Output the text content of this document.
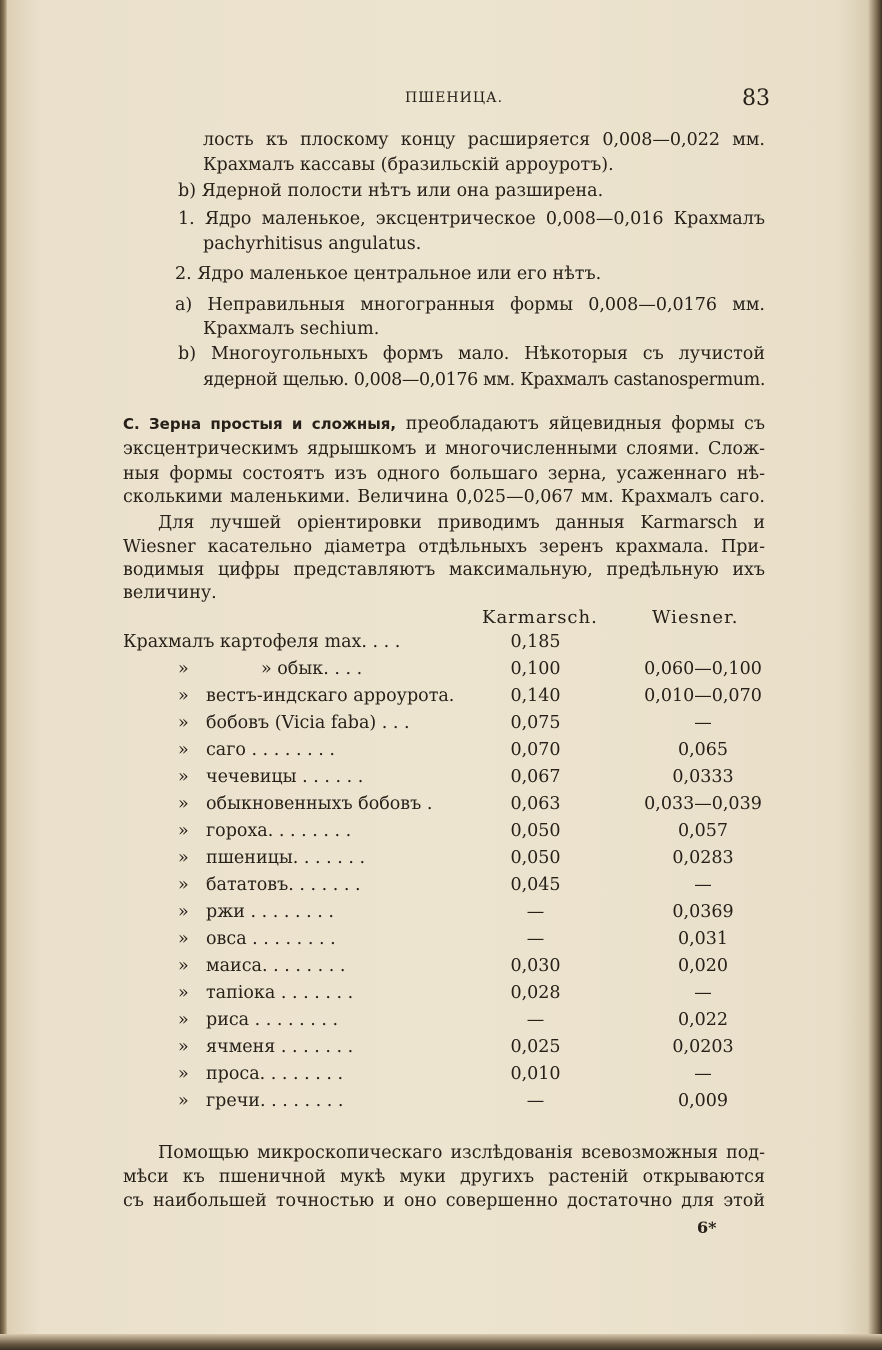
ПШЕНИЦА.	83
лость къ плоскому концу расширяется 0,008—0,022 мм.
Крахмалъ кассавы (бразильскій арроуротъ).
b) Ядерной полости нѣтъ или она разширена.
1. Ядро маленькое, эксцентрическое 0,008—0,016 Крахмалъ
pachyrhitisus angulatus.
2. Ядро маленькое центральное или его нѣтъ.
a) Неправильныя многогранныя формы 0,008—0,0176 мм.
Крахмалъ sechium.
b) Многоугольныхъ формъ мало. Нѣкоторыя съ лучистой
ядерной щелью. 0,008—0,0176 мм. Крахмалъ castanospermum.
С. Зерна простыя и сложныя, преобладаютъ яйцевидныя формы съ
эксцентрическимъ ядрышкомъ и многочисленными слоями. Слож-
ныя формы состоятъ изъ одного большаго зерна, усаженнаго нѣ-
сколькими маленькими. Величина 0,025—0,067 мм. Крахмалъ саго.
Для лучшей оріентировки приводимъ данныя Karmarsch и
Wiesner касательно діаметра отдѣльныхъ зеренъ крахмала. При-
водимыя цифры представляютъ максимальную, предѣльную ихъ
величину.
Karmarsch.	Wiesner.
Крахмалъ картофеля max. . . .	0,185
»	» обык. . . .	0,100	0,060—0,100
» вестъ-индскаго арроурота.	0,140	0,010—0,070
» бобовъ (Vicia faba) . . .	0,075	—
» саго . . . . . . . .	0,070	0,065
» чечевицы . . . . . .	0,067	0,0333
» обыкновенныхъ бобовъ .	0,063	0,033—0,039
» гороха. . . . . . . .	0,050	0,057
» пшеницы. . . . . . .	0,050	0,0283
» бататовъ. . . . . . .	0,045	—
» ржи . . . . . . . .	—	0,0369
» овса . . . . . . . .	—	0,031
» маиса. . . . . . . .	0,030	0,020
» тапіока . . . . . . .	0,028	—
» риса . . . . . . . .	—	0,022
» ячменя . . . . . . .	0,025	0,0203
» проса. . . . . . . .	0,010	—
» гречи. . . . . . . .	—	0,009
Помощью микроскопическаго изслѣдованія всевозможныя под-
мѣси къ пшеничной мукѣ муки другихъ растеній открываются
съ наибольшей точностью и оно совершенно достаточно для этой
6*
